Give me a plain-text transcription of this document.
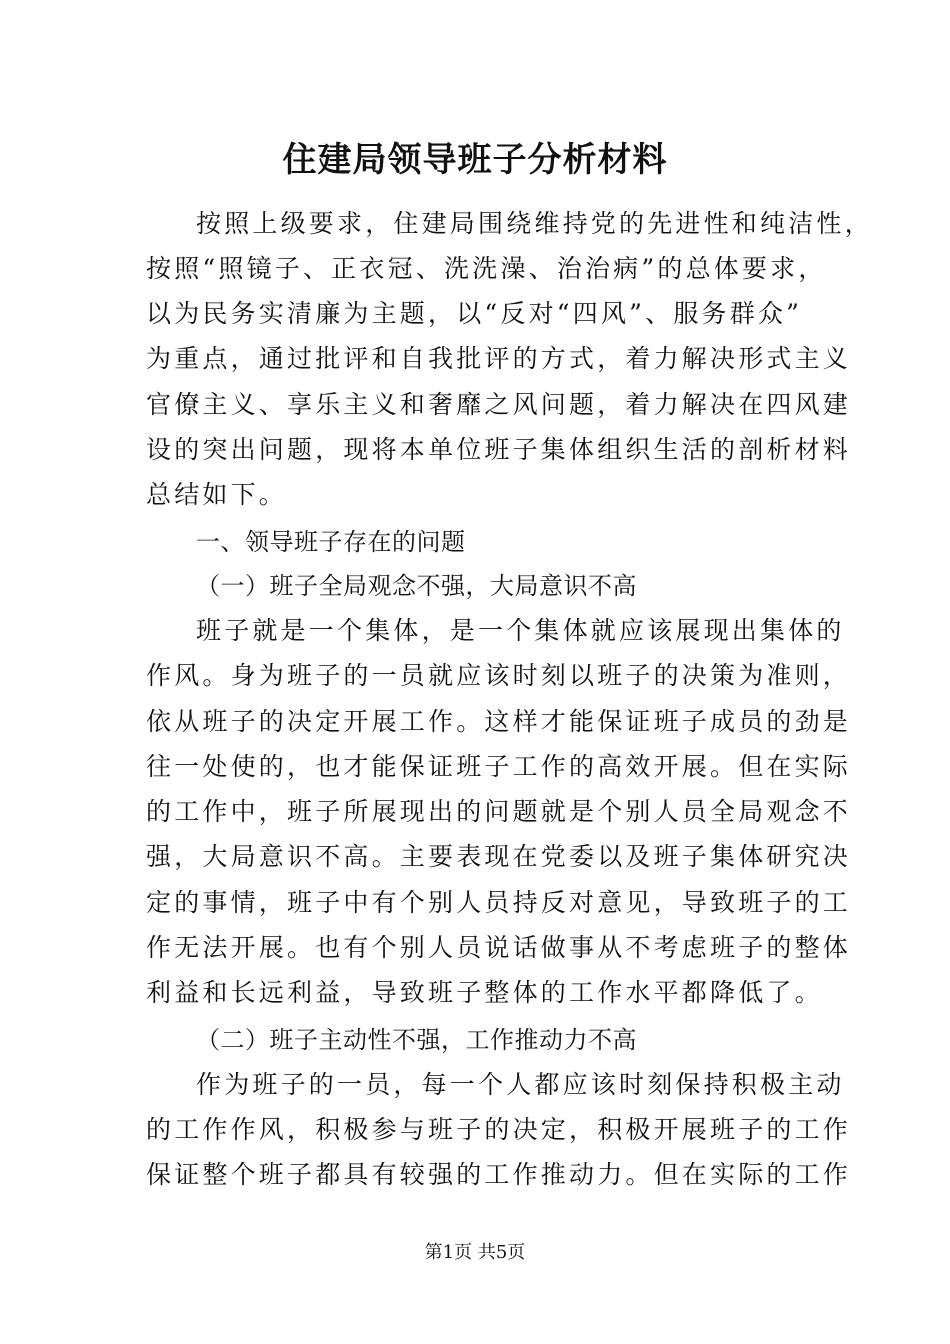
住建局领导班子分析材料
按照上级要求，住建局围绕维持党的先进性和纯洁性，
按照“照镜子、正衣冠、洗洗澡、治治病”的总体要求，
以为民务实清廉为主题，以“反对“四风”、服务群众”
为重点，通过批评和自我批评的方式，着力解决形式主义
官僚主义、享乐主义和奢靡之风问题，着力解决在四风建
设的突出问题，现将本单位班子集体组织生活的剖析材料
总结如下。
一、领导班子存在的问题
（一）班子全局观念不强，大局意识不高
班子就是一个集体，是一个集体就应该展现出集体的
作风。身为班子的一员就应该时刻以班子的决策为准则，
依从班子的决定开展工作。这样才能保证班子成员的劲是
往一处使的，也才能保证班子工作的高效开展。但在实际
的工作中，班子所展现出的问题就是个别人员全局观念不
强，大局意识不高。主要表现在党委以及班子集体研究决
定的事情，班子中有个别人员持反对意见，导致班子的工
作无法开展。也有个别人员说话做事从不考虑班子的整体
利益和长远利益，导致班子整体的工作水平都降低了。
（二）班子主动性不强，工作推动力不高
作为班子的一员，每一个人都应该时刻保持积极主动
的工作作风，积极参与班子的决定，积极开展班子的工作
保证整个班子都具有较强的工作推动力。但在实际的工作
第1页 共5页
